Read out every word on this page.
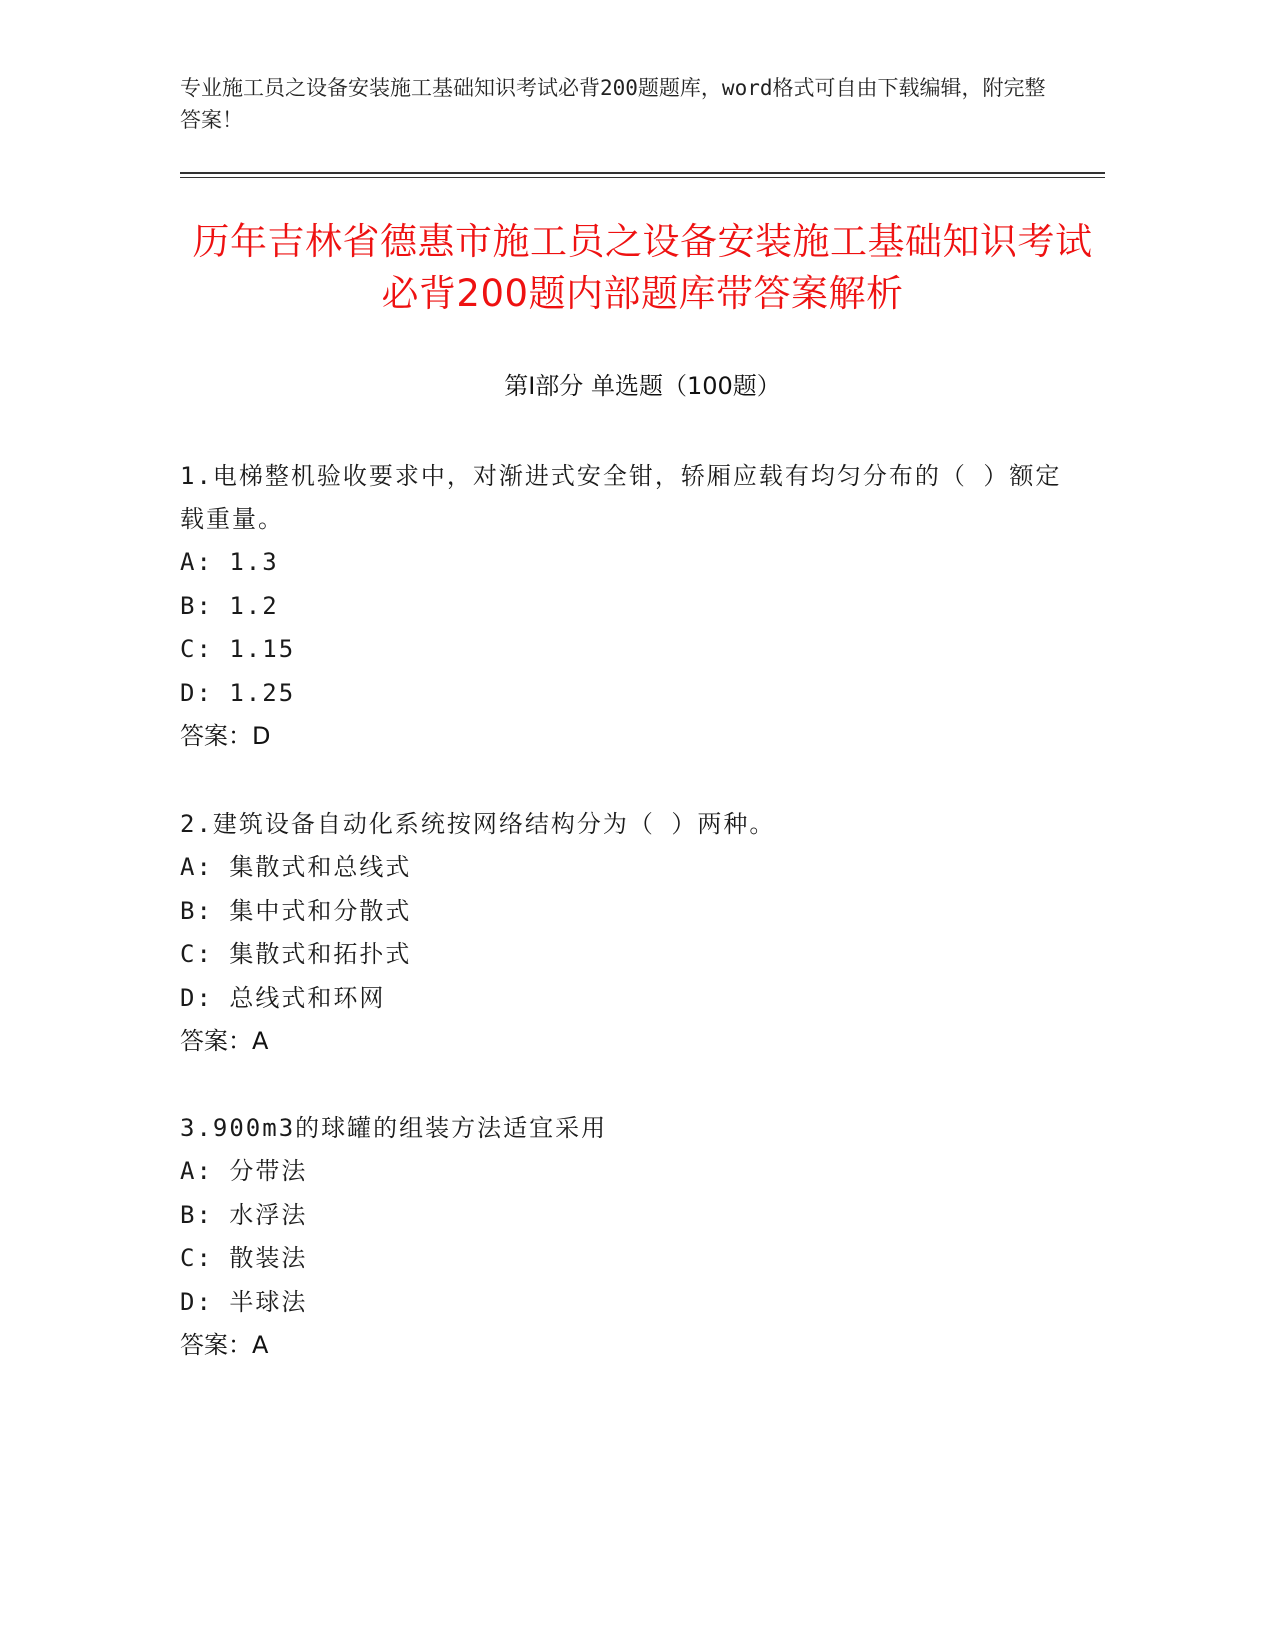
专业施工员之设备安装施工基础知识考试必背200题题库，word格式可自由下载编辑，附完整答案！
历年吉林省德惠市施工员之设备安装施工基础知识考试必背200题内部题库带答案解析
第I部分 单选题（100题）
1.电梯整机验收要求中，对渐进式安全钳，轿厢应载有均匀分布的（ ）额定载重量。
A: 1.3
B: 1.2
C: 1.15
D: 1.25
答案：D
2.建筑设备自动化系统按网络结构分为（ ）两种。
A: 集散式和总线式
B: 集中式和分散式
C: 集散式和拓扑式
D: 总线式和环网
答案：A
3.900m3的球罐的组装方法适宜采用
A: 分带法
B: 水浮法
C: 散装法
D: 半球法
答案：A
